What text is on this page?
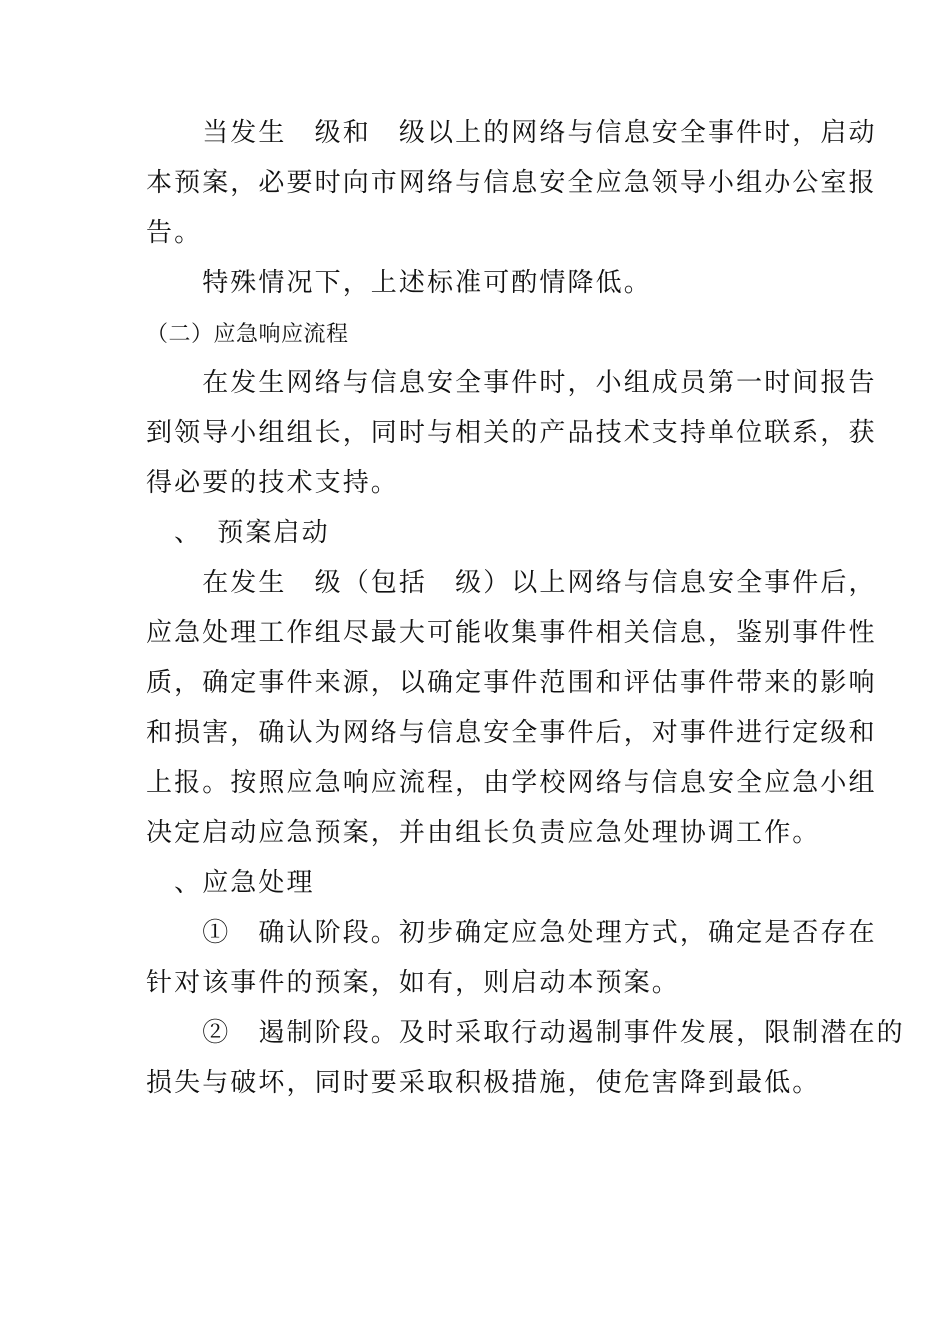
　　当发生　级和　级以上的网络与信息安全事件时，启动
本预案，必要时向市网络与信息安全应急领导小组办公室报
告。
　　特殊情况下，上述标准可酌情降低。
（二）应急响应流程
　　在发生网络与信息安全事件时，小组成员第一时间报告
到领导小组组长，同时与相关的产品技术支持单位联系，获
得必要的技术支持。
　、　预案启动
　　在发生　级（包括　级）以上网络与信息安全事件后，
应急处理工作组尽最大可能收集事件相关信息，鉴别事件性
质，确定事件来源，以确定事件范围和评估事件带来的影响
和损害，确认为网络与信息安全事件后，对事件进行定级和
上报。按照应急响应流程，由学校网络与信息安全应急小组
决定启动应急预案，并由组长负责应急处理协调工作。
　、应急处理
　　①　确认阶段。初步确定应急处理方式，确定是否存在
针对该事件的预案，如有，则启动本预案。
　　②　遏制阶段。及时采取行动遏制事件发展，限制潜在的
损失与破坏，同时要采取积极措施，使危害降到最低。
